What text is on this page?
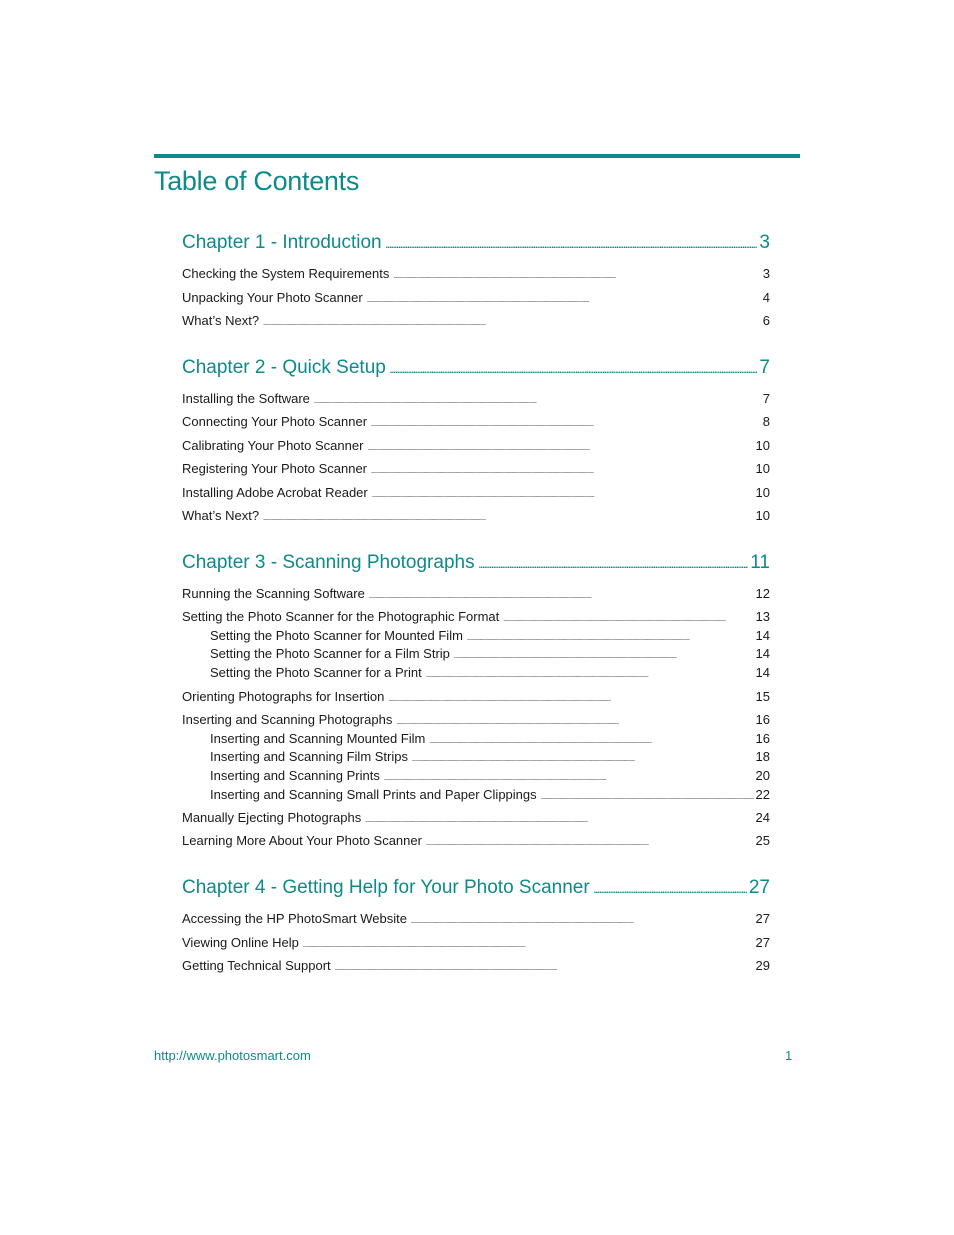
Table of Contents
Chapter 1 - Introduction . . .	3
Checking the System Requirements . . .	3
Unpacking Your Photo Scanner . . .	4
What’s Next? . . .	6
Chapter 2 - Quick Setup . . .	7
Installing the Software . . .	7
Connecting Your Photo Scanner . . .	8
Calibrating Your Photo Scanner . . .	10
Registering Your Photo Scanner . . .	10
Installing Adobe Acrobat Reader . . .	10
What’s Next? . . .	10
Chapter 3 - Scanning Photographs . . .	11
Running the Scanning Software . . .	12
Setting the Photo Scanner for the Photographic Format . . .	13
Setting the Photo Scanner for Mounted Film . . .	14
Setting the Photo Scanner for a Film Strip . . .	14
Setting the Photo Scanner for a Print . . .	14
Orienting Photographs for Insertion . . .	15
Inserting and Scanning Photographs . . .	16
Inserting and Scanning Mounted Film . . .	16
Inserting and Scanning Film Strips . . .	18
Inserting and Scanning Prints . . .	20
Inserting and Scanning Small Prints and Paper Clippings . . .	22
Manually Ejecting Photographs . . .	24
Learning More About Your Photo Scanner . . .	25
Chapter 4 - Getting Help for Your Photo Scanner . . .	27
Accessing the HP PhotoSmart Website . . .	27
Viewing Online Help . . .	27
Getting Technical Support . . .	29
http://www.photosmart.com	1
